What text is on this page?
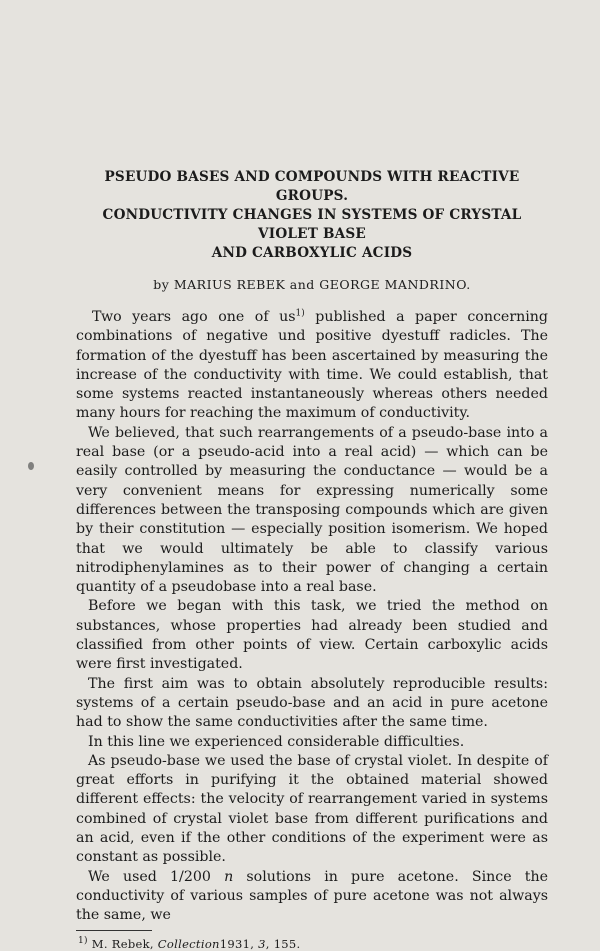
PSEUDO BASES AND COMPOUNDS WITH REACTIVE GROUPS.
CONDUCTIVITY CHANGES IN SYSTEMS OF CRYSTAL VIOLET BASE
AND CARBOXYLIC ACIDS
by MARIUS REBEK and GEORGE MANDRINO.

Two years ago one of $us^{1)}$ published a paper concerning combinations of negative und positive dyestuff radicles. The formation of the dyestuff has been ascertained by measuring the increase of the conductivity with time. We could establish, that some systems reacted instantaneously whereas others needed many hours for reaching the maximum of conductivity.

We believed, that such rearrangements of a pseudo-base into a real base (or a pseudo-acid into a real acid) — which can be easily controlled by measuring the conductance — would be a very convenient means for expressing numerically some differences between the transposing compounds which are given by their constitution — especially position isomerism. We hoped that we would ultimately be able to classify various nitrodiphenylamines as to their power of changing a certain quantity of a pseudobase into a real base.

Before we began with this task, we tried the method on substances, whose properties had already been studied and classified from other points of view. Certain carboxylic acids were first investigated.

The first aim was to obtain absolutely reproducible results: systems of a certain pseudo-base and an acid in pure acetone had to show the same conductivities after the same time.

In this line we experienced considerable difficulties.

As pseudo-base we used the base of crystal violet. In despite of great efforts in purifying it the obtained material showed different effects: the velocity of rearrangement varied in systems combined of crystal violet base from different purifications and an acid, even if the other conditions of the experiment were as constant as possible.

We used 1/200 n solutions in pure acetone. Since the conductivity of various samples of pure acetone was not always the same, we

$^{1)}$ M. Rebek, Collection1931, 3, 155.
